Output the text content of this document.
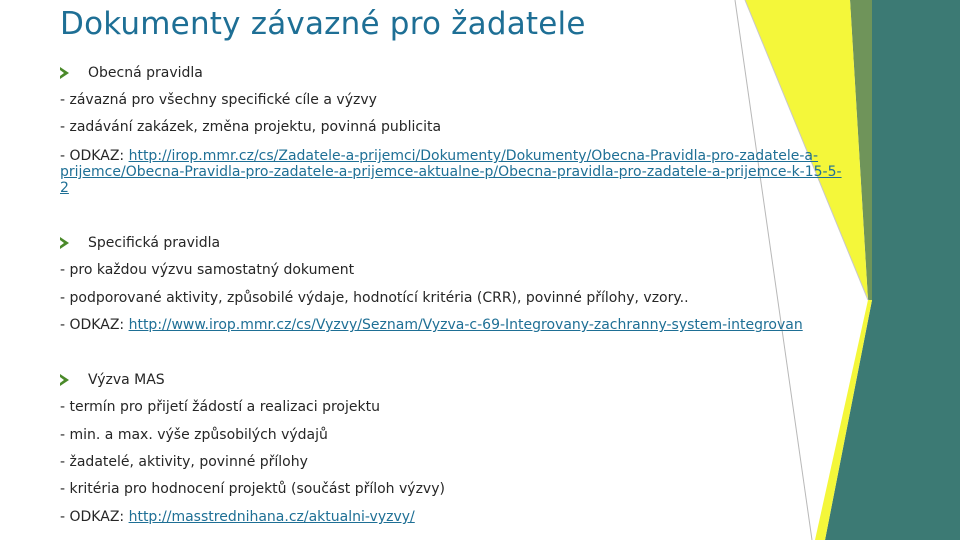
Dokumenty závazné pro žadatele
Obecná pravidla
- závazná pro všechny specifické cíle a výzvy
- zadávání zakázek, změna projektu, povinná publicita
- ODKAZ: http://irop.mmr.cz/cs/Zadatele-a-prijemci/Dokumenty/Dokumenty/Obecna-Pravidla-pro-zadatele-a-prijemce/Obecna-Pravidla-pro-zadatele-a-prijemce-aktualne-p/Obecna-pravidla-pro-zadatele-a-prijemce-k-15-5-2
Specifická pravidla
- pro každou výzvu samostatný dokument
- podporované aktivity, způsobilé výdaje, hodnotící kritéria (CRR), povinné přílohy, vzory..
- ODKAZ: http://www.irop.mmr.cz/cs/Vyzvy/Seznam/Vyzva-c-69-Integrovany-zachranny-system-integrovan
Výzva MAS
- termín pro přijetí žádostí a realizaci projektu
- min. a max. výše způsobilých výdajů
- žadatelé, aktivity, povinné přílohy
- kritéria pro hodnocení projektů (součást příloh výzvy)
- ODKAZ: http://masstrednihana.cz/aktualni-vyzvy/
